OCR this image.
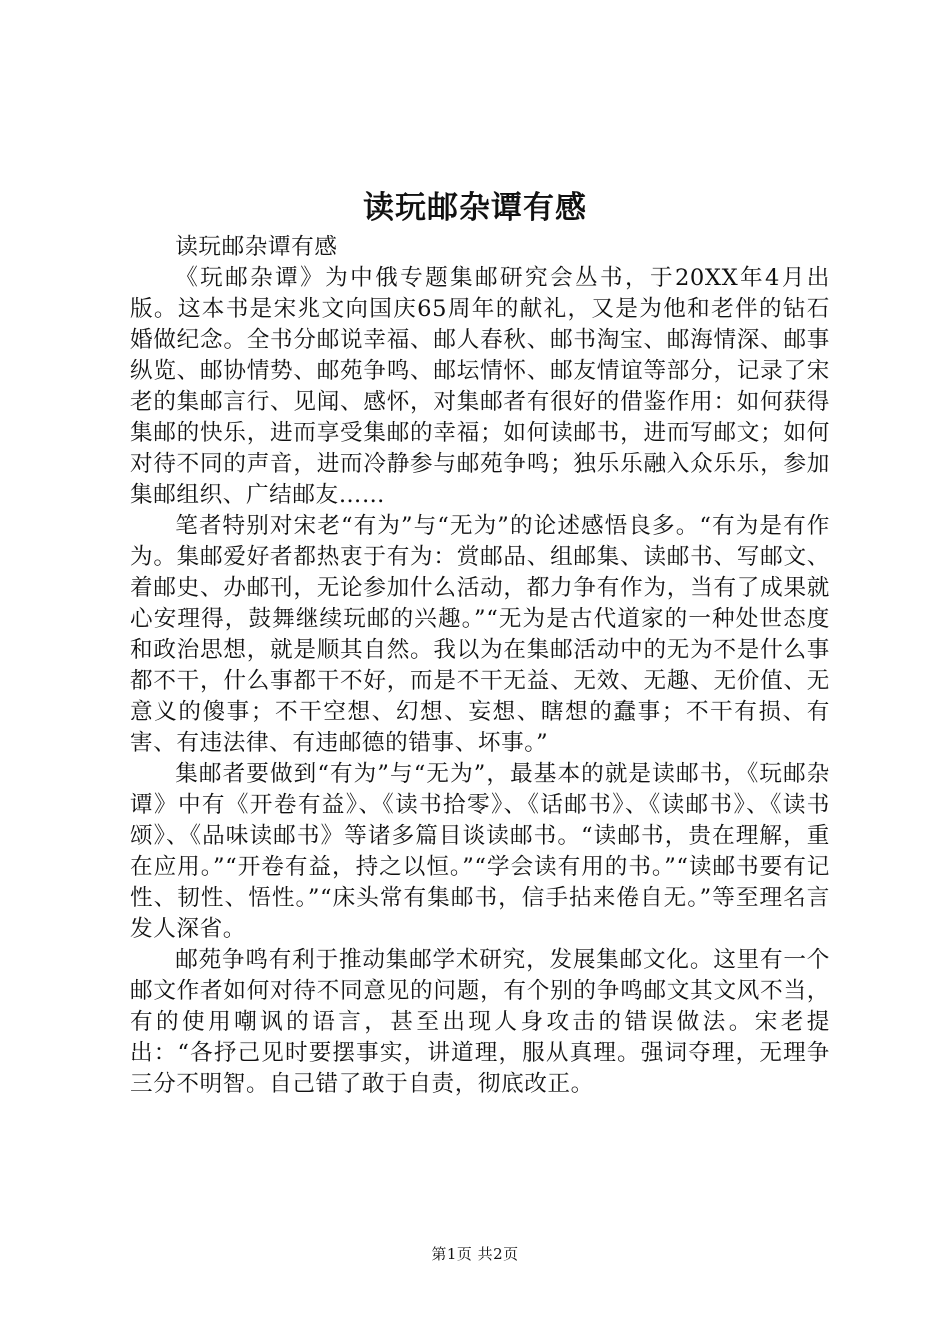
读玩邮杂谭有感

读玩邮杂谭有感

《玩邮杂谭》为中俄专题集邮研究会丛书，于20XX年4月出版。这本书是宋兆文向国庆65周年的献礼，又是为他和老伴的钻石婚做纪念。全书分邮说幸福、邮人春秋、邮书淘宝、邮海情深、邮事纵览、邮协情势、邮苑争鸣、邮坛情怀、邮友情谊等部分，记录了宋老的集邮言行、见闻、感怀，对集邮者有很好的借鉴作用：如何获得集邮的快乐，进而享受集邮的幸福；如何读邮书，进而写邮文；如何对待不同的声音，进而冷静参与邮苑争鸣；独乐乐融入众乐乐，参加集邮组织、广结邮友……

笔者特别对宋老“有为”与“无为”的论述感悟良多。“有为是有作为。集邮爱好者都热衷于有为：赏邮品、组邮集、读邮书、写邮文、着邮史、办邮刊，无论参加什么活动，都力争有作为，当有了成果就心安理得，鼓舞继续玩邮的兴趣。”“无为是古代道家的一种处世态度和政治思想，就是顺其自然。我以为在集邮活动中的无为不是什么事都不干，什么事都干不好，而是不干无益、无效、无趣、无价值、无意义的傻事；不干空想、幻想、妄想、瞎想的蠢事；不干有损、有害、有违法律、有违邮德的错事、坏事。”

集邮者要做到“有为”与“无为”，最基本的就是读邮书，《玩邮杂谭》中有《开卷有益》、《读书拾零》、《话邮书》、《读邮书》、《读书颂》、《品味读邮书》等诸多篇目谈读邮书。“读邮书，贵在理解，重在应用。”“开卷有益，持之以恒。”“学会读有用的书。”“读邮书要有记性、韧性、悟性。”“床头常有集邮书，信手拈来倦自无。”等至理名言发人深省。

邮苑争鸣有利于推动集邮学术研究，发展集邮文化。这里有一个邮文作者如何对待不同意见的问题，有个别的争鸣邮文其文风不当，有的使用嘲讽的语言，甚至出现人身攻击的错误做法。宋老提出：“各抒己见时要摆事实，讲道理，服从真理。强词夺理，无理争三分不明智。自己错了敢于自责，彻底改正。

第1页 共2页
